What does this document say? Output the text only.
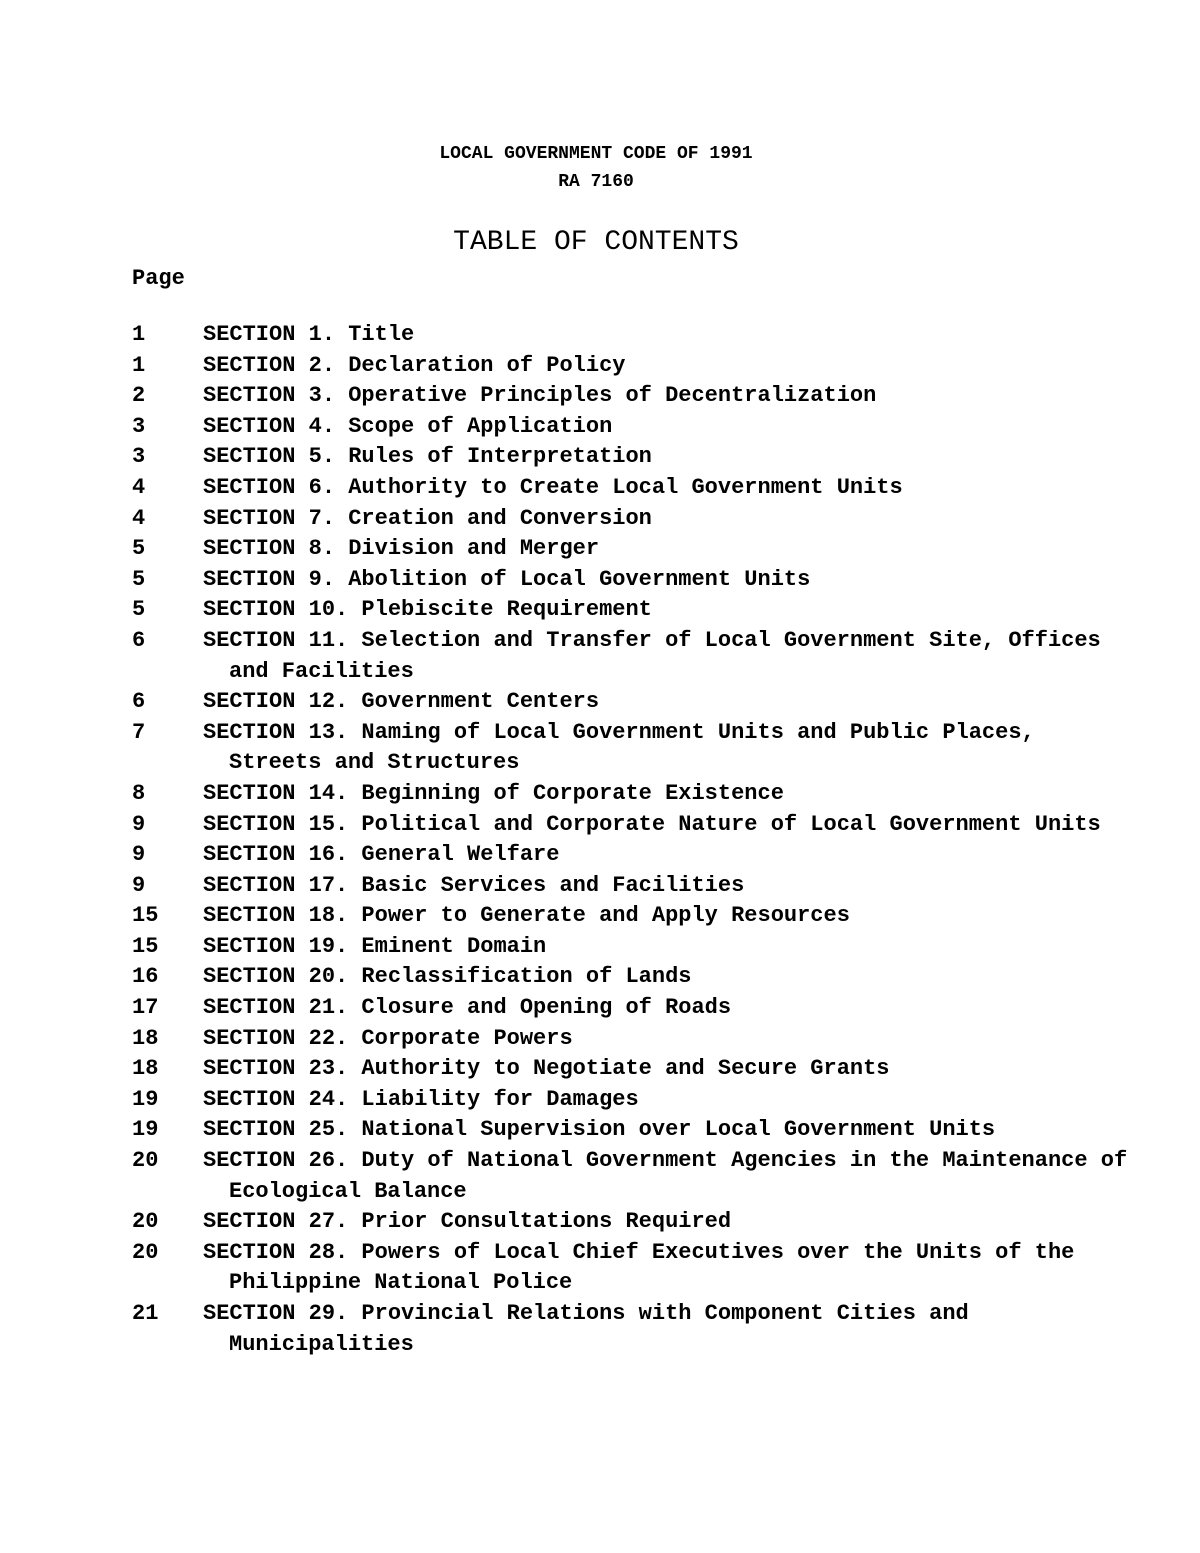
LOCAL GOVERNMENT CODE OF 1991
RA 7160
TABLE OF CONTENTS
Page
1	SECTION 1. Title
1	SECTION 2. Declaration of Policy
2	SECTION 3. Operative Principles of Decentralization
3	SECTION 4. Scope of Application
3	SECTION 5. Rules of Interpretation
4	SECTION 6. Authority to Create Local Government Units
4	SECTION 7. Creation and Conversion
5	SECTION 8. Division and Merger
5	SECTION 9. Abolition of Local Government Units
5	SECTION 10. Plebiscite Requirement
6	SECTION 11. Selection and Transfer of Local Government Site, Offices and Facilities
6	SECTION 12. Government Centers
7	SECTION 13. Naming of Local Government Units and Public Places, Streets and Structures
8	SECTION 14. Beginning of Corporate Existence
9	SECTION 15. Political and Corporate Nature of Local Government Units
9	SECTION 16. General Welfare
9	SECTION 17. Basic Services and Facilities
15	SECTION 18. Power to Generate and Apply Resources
15	SECTION 19. Eminent Domain
16	SECTION 20. Reclassification of Lands
17	SECTION 21. Closure and Opening of Roads
18	SECTION 22. Corporate Powers
18	SECTION 23. Authority to Negotiate and Secure Grants
19	SECTION 24. Liability for Damages
19	SECTION 25. National Supervision over Local Government Units
20	SECTION 26. Duty of National Government Agencies in the Maintenance of Ecological Balance
20	SECTION 27. Prior Consultations Required
20	SECTION 28. Powers of Local Chief Executives over the Units of the Philippine National Police
21	SECTION 29. Provincial Relations with Component Cities and Municipalities
